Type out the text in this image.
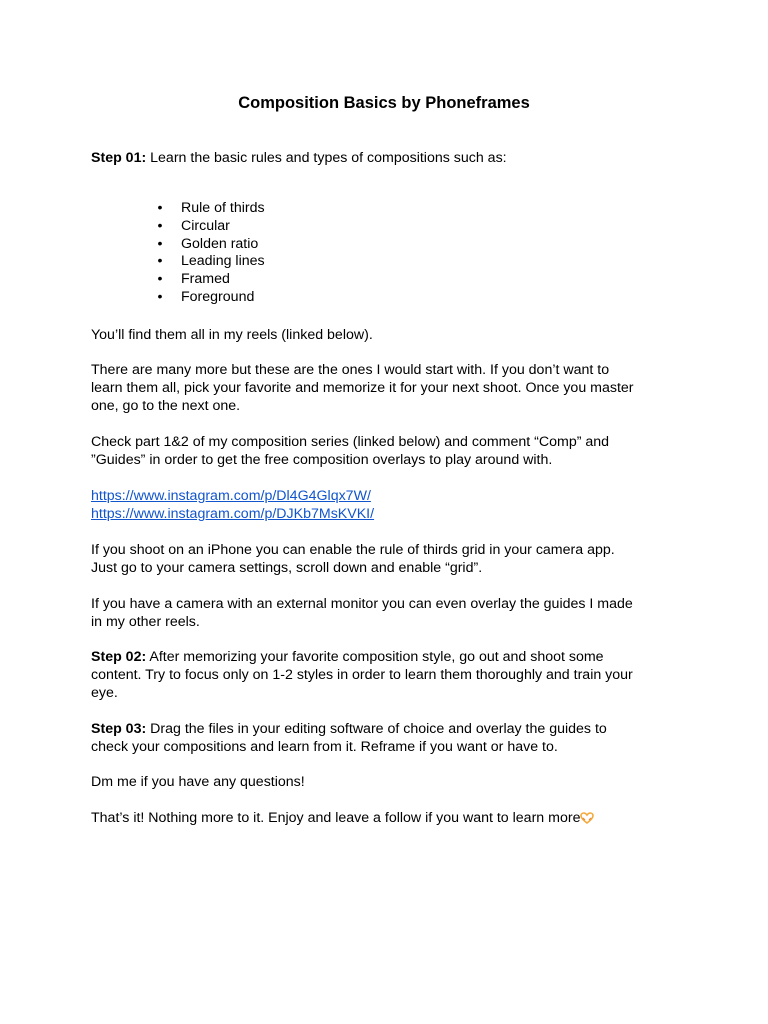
Composition Basics by Phoneframes
Step 01: Learn the basic rules and types of compositions such as:
• Rule of thirds
• Circular
• Golden ratio
• Leading lines
• Framed
• Foreground
You’ll find them all in my reels (linked below).
There are many more but these are the ones I would start with. If you don’t want to
learn them all, pick your favorite and memorize it for your next shoot. Once you master
one, go to the next one.
Check part 1&2 of my composition series (linked below) and comment “Comp” and
”Guides” in order to get the free composition overlays to play around with.
https://www.instagram.com/p/Dl4G4Glqx7W/
https://www.instagram.com/p/DJKb7MsKVKI/
If you shoot on an iPhone you can enable the rule of thirds grid in your camera app.
Just go to your camera settings, scroll down and enable “grid”.
If you have a camera with an external monitor you can even overlay the guides I made
in my other reels.
Step 02: After memorizing your favorite composition style, go out and shoot some
content. Try to focus only on 1-2 styles in order to learn them thoroughly and train your
eye.
Step 03: Drag the files in your editing software of choice and overlay the guides to
check your compositions and learn from it. Reframe if you want or have to.
Dm me if you have any questions!
That’s it! Nothing more to it. Enjoy and leave a follow if you want to learn more
